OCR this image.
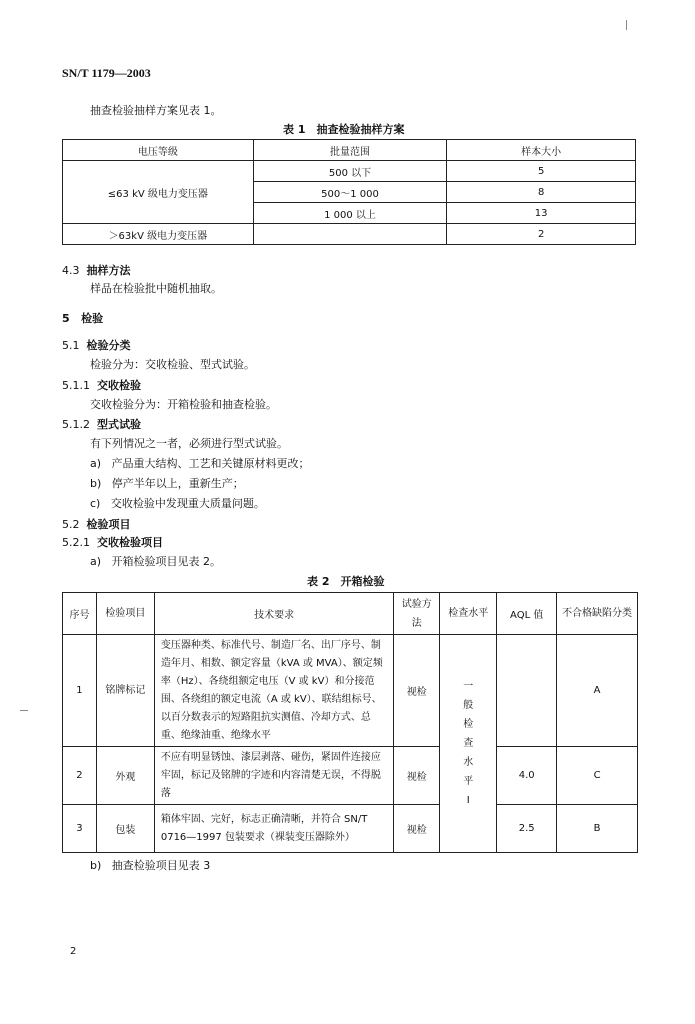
SN/T 1179—2003
抽查检验抽样方案见表 1。
表 1　抽查检验抽样方案
电压等级	批量范围	样本大小
≤63 kV 级电力变压器	500 以下	5
	500～1 000	8
	1 000 以上	13
＞63kV 级电力变压器		2
4.3 抽样方法
样品在检验批中随机抽取。
5 检验
5.1 检验分类
检验分为：交收检验、型式试验。
5.1.1 交收检验
交收检验分为：开箱检验和抽查检验。
5.1.2 型式试验
有下列情况之一者，必须进行型式试验。
a) 产品重大结构、工艺和关键原材料更改；
b) 停产半年以上，重新生产；
c) 交收检验中发现重大质量问题。
5.2 检验项目
5.2.1 交收检验项目
a) 开箱检验项目见表 2。
表 2　开箱检验
序号	检验项目	技术要求	试验方法	检查水平	AQL 值	不合格缺陷分类
1	铭牌标记	变压器种类、标准代号、制造厂名、出厂序号、制造年月、相数、额定容量（kVA 或 MVA）、额定频率（Hz）、各绕组额定电压（V 或 kV）和分接范围、各绕组的额定电流（A 或 kV）、联结组标号、以百分数表示的短路阻抗实测值、冷却方式、总重、绝缘油重、绝缘水平	视检	一般检查水平Ⅰ		A
2	外观	不应有明显锈蚀、漆层剥落、碰伤，紧固件连接应牢固，标记及铭牌的字迹和内容清楚无误，不得脱落	视检		4.0	C
3	包装	箱体牢固、完好，标志正确清晰，并符合 SN/T 0716—1997 包装要求（裸装变压器除外）	视检		2.5	B
b) 抽查检验项目见表 3
2
